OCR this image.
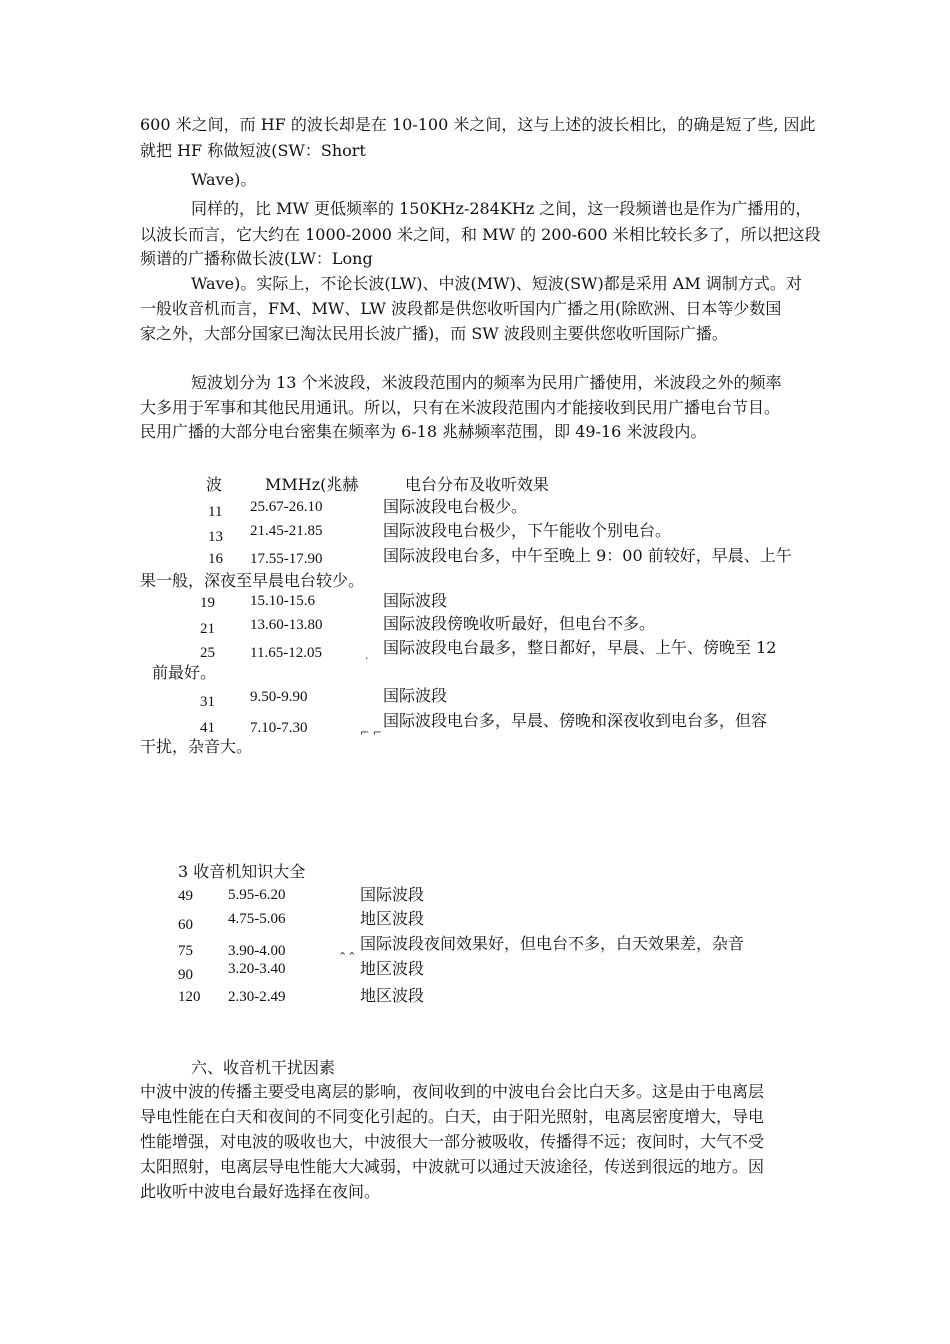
600 米之间，而 HF 的波长却是在 10-100 米之间，这与上述的波长相比，的确是短了些, 因此
就把 HF 称做短波(SW：Short
Wave)。
同样的，比 MW 更低频率的 150KHz-284KHz 之间，这一段频谱也是作为广播用的，
以波长而言，它大约在 1000-2000 米之间，和 MW 的 200-600 米相比较长多了，所以把这段
频谱的广播称做长波(LW：Long
Wave)。实际上，不论长波(LW)、中波(MW)、短波(SW)都是采用 AM 调制方式。对
一般收音机而言，FM、MW、LW 波段都是供您收听国内广播之用(除欧洲、日本等少数国
家之外，大部分国家已淘汰民用长波广播)，而 SW 波段则主要供您收听国际广播。
短波划分为 13 个米波段，米波段范围内的频率为民用广播使用，米波段之外的频率
大多用于军事和其他民用通讯。所以，只有在米波段范围内才能接收到民用广播电台节目。
民用广播的大部分电台密集在频率为 6-18 兆赫频率范围，即 49-16 米波段内。
波	MMHz(兆赫	电台分布及收听效果
11 25.67-26.10	国际波段电台极少。
13 21.45-21.85	国际波段电台极少，下午能收个别电台。
16 17.55-17.90	国际波段电台多，中午至晚上 9：00 前较好，早晨、上午
果一般，深夜至早晨电台较少。
19 15.10-15.6	国际波段
21 13.60-13.80	国际波段傍晚收听最好，但电台不多。
25 11.65-12.05	国际波段电台最多，整日都好，早晨、上午、傍晚至 12
前最好。
.
31 9.50-9.90	国际波段
41 7.10-7.30	国际波段电台多，早晨、傍晚和深夜收到电台多，但容
干扰，杂音大。
⌐ ⌐
3 收音机知识大全
49 5.95-6.20	国际波段
60 4.75-5.06	地区波段
75 3.90-4.00	国际波段夜间效果好，但电台不多，白天效果差，杂音
⌃⌃
90 3.20-3.40	地区波段
120 2.30-2.49	地区波段
六、收音机干扰因素
中波中波的传播主要受电离层的影响，夜间收到的中波电台会比白天多。这是由于电离层
导电性能在白天和夜间的不同变化引起的。白天，由于阳光照射，电离层密度增大，导电
性能增强，对电波的吸收也大，中波很大一部分被吸收，传播得不远；夜间时，大气不受
太阳照射，电离层导电性能大大减弱，中波就可以通过天波途径，传送到很远的地方。因
此收听中波电台最好选择在夜间。
